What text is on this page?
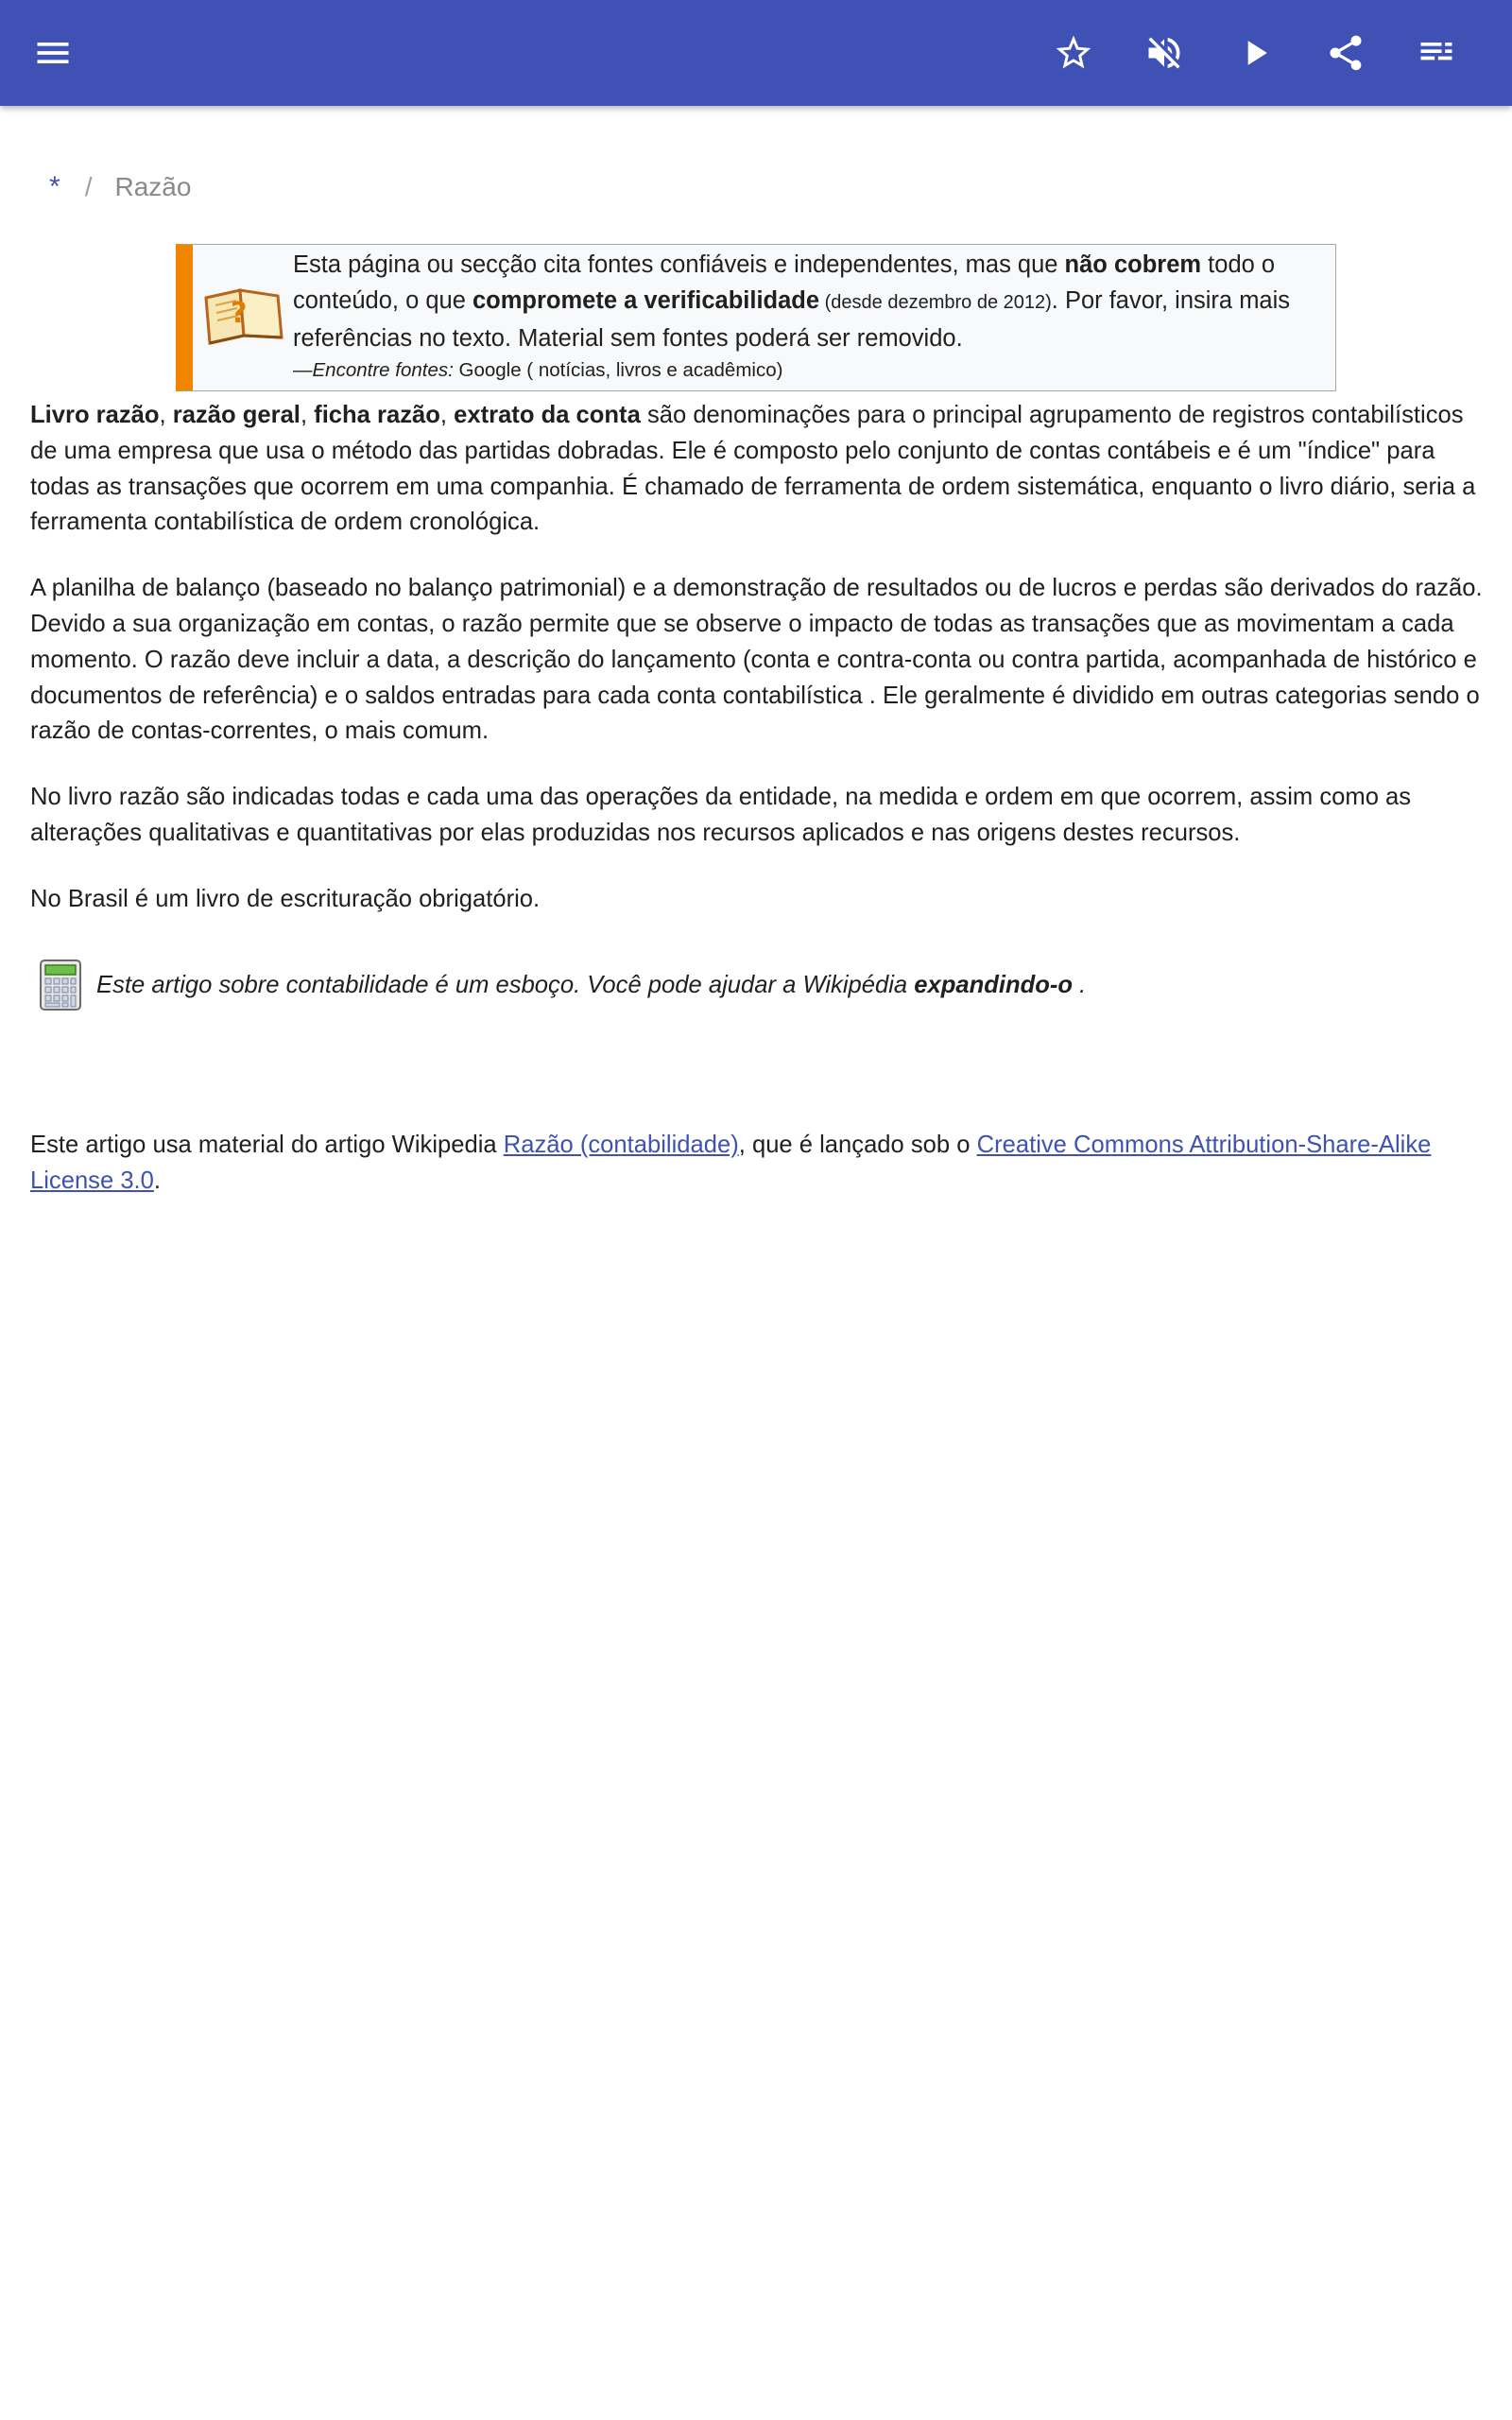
* / Razão
?
Esta página ou secção cita fontes confiáveis e independentes, mas que não cobrem todo o
conteúdo, o que compromete a verificabilidade (desde dezembro de 2012). Por favor, insira mais
referências no texto. Material sem fontes poderá ser removido.
—Encontre fontes: Google ( notícias, livros e acadêmico)

Livro razão, razão geral, ficha razão, extrato da conta são denominações para o principal agrupamento de registros contabilísticos de uma empresa que usa o método das partidas dobradas. Ele é composto pelo conjunto de contas contábeis e é um "índice" para todas as transações que ocorrem em uma companhia. É chamado de ferramenta de ordem sistemática, enquanto o livro diário, seria a ferramenta contabilística de ordem cronológica.

A planilha de balanço (baseado no balanço patrimonial) e a demonstração de resultados ou de lucros e perdas são derivados do razão. Devido a sua organização em contas, o razão permite que se observe o impacto de todas as transações que as movimentam a cada momento. O razão deve incluir a data, a descrição do lançamento (conta e contra-conta ou contra partida, acompanhada de histórico e documentos de referência) e o saldos entradas para cada conta contabilística . Ele geralmente é dividido em outras categorias sendo o razão de contas-correntes, o mais comum.

No livro razão são indicadas todas e cada uma das operações da entidade, na medida e ordem em que ocorrem, assim como as alterações qualitativas e quantitativas por elas produzidas nos recursos aplicados e nas origens destes recursos.

No Brasil é um livro de escrituração obrigatório.

Este artigo sobre contabilidade é um esboço. Você pode ajudar a Wikipédia expandindo-o .
Este artigo usa material do artigo Wikipedia Razão (contabilidade), que é lançado sob o Creative Commons Attribution-Share-Alike License 3.0.
